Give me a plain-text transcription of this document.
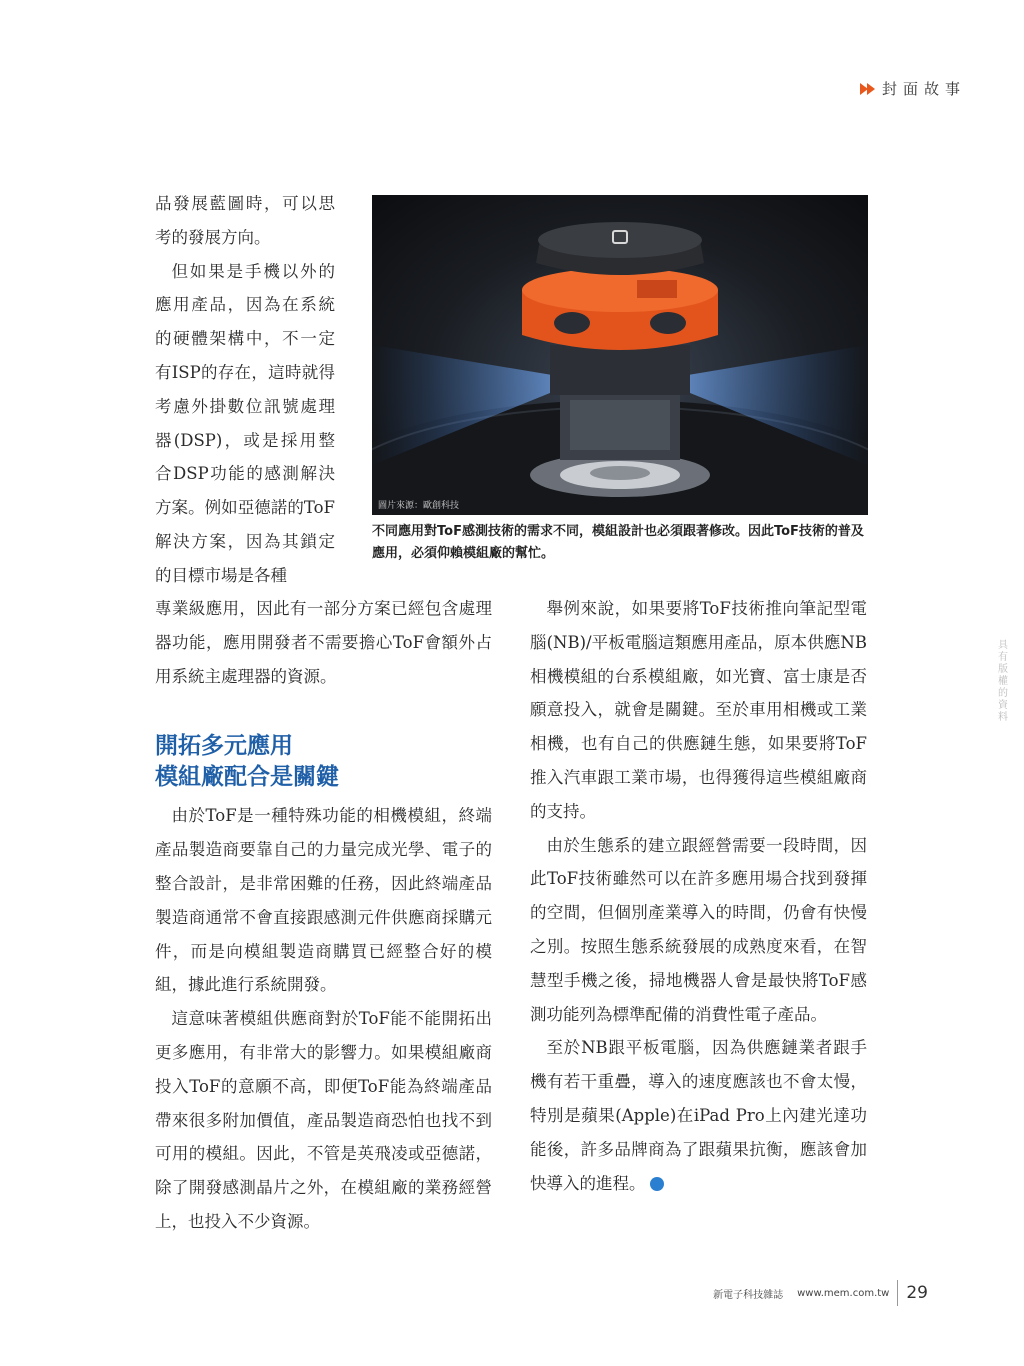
封面故事
具有版權的資料

品發展藍圖時，可以思考的發展方向。

但如果是手機以外的應用產品，因為在系統的硬體架構中，不一定有ISP的存在，這時就得考慮外掛數位訊號處理器(DSP)，或是採用整合DSP功能的感測解決方案。例如亞德諾的ToF解決方案，因為其鎖定的目標市場是各種

圖片來源：歐創科技
不同應用對ToF感測技術的需求不同，模組設計也必須跟著修改。因此ToF技術的普及應用，必須仰賴模組廠的幫忙。

專業級應用，因此有一部分方案已經包含處理器功能，應用開發者不需要擔心ToF會額外占用系統主處理器的資源。

開拓多元應用
模組廠配合是關鍵

由於ToF是一種特殊功能的相機模組，終端產品製造商要靠自己的力量完成光學、電子的整合設計，是非常困難的任務，因此終端產品製造商通常不會直接跟感測元件供應商採購元件，而是向模組製造商購買已經整合好的模組，據此進行系統開發。

這意味著模組供應商對於ToF能不能開拓出更多應用，有非常大的影響力。如果模組廠商投入ToF的意願不高，即便ToF能為終端產品帶來很多附加價值，產品製造商恐怕也找不到可用的模組。因此，不管是英飛凌或亞德諾，除了開發感測晶片之外，在模組廠的業務經營上，也投入不少資源。

舉例來說，如果要將ToF技術推向筆記型電腦(NB)/平板電腦這類應用產品，原本供應NB相機模組的台系模組廠，如光寶、富士康是否願意投入，就會是關鍵。至於車用相機或工業相機，也有自己的供應鏈生態，如果要將ToF推入汽車跟工業市場，也得獲得這些模組廠商的支持。

由於生態系的建立跟經營需要一段時間，因此ToF技術雖然可以在許多應用場合找到發揮的空間，但個別產業導入的時間，仍會有快慢之別。按照生態系統發展的成熟度來看，在智慧型手機之後，掃地機器人會是最快將ToF感測功能列為標準配備的消費性電子產品。

至於NB跟平板電腦，因為供應鏈業者跟手機有若干重疊，導入的速度應該也不會太慢，特別是蘋果(Apple)在iPad Pro上內建光達功能後，許多品牌商為了跟蘋果抗衡，應該會加快導入的進程。

新電子科技雜誌 www.mem.com.tw 29
